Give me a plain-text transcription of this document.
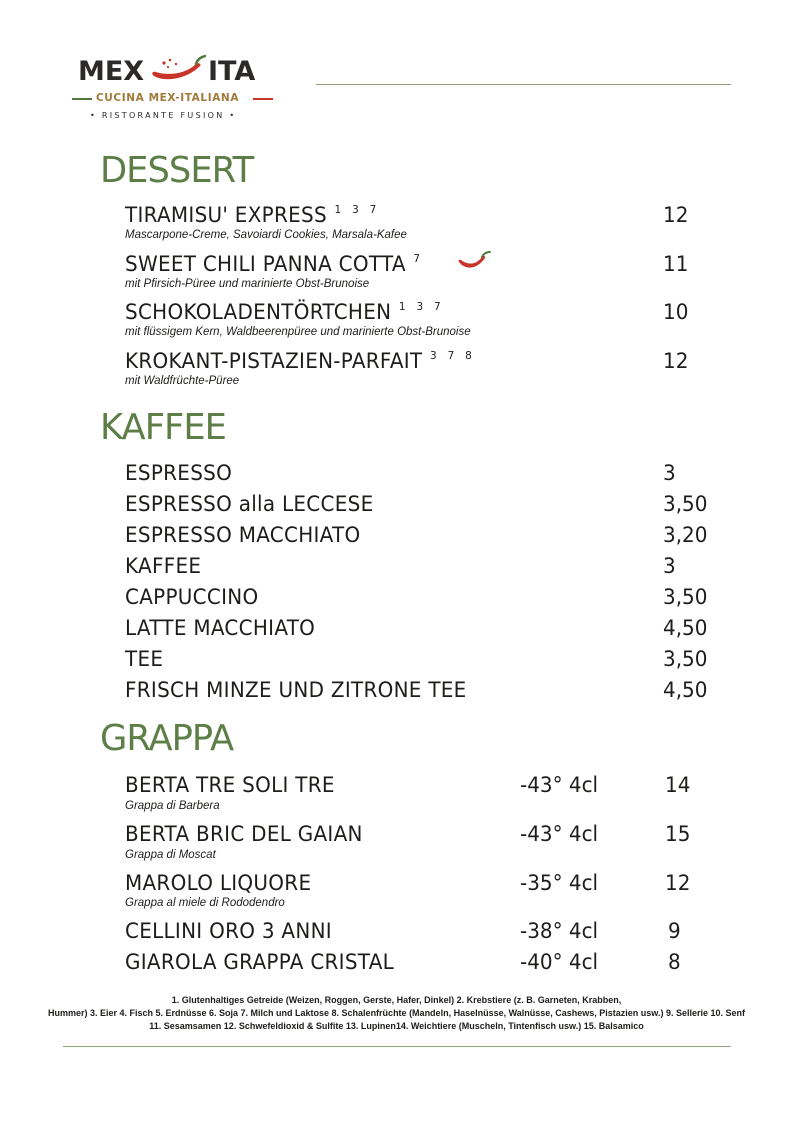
MEX ITA
CUCINA MEX-ITALIANA
• RISTORANTE FUSION •
DESSERT
TIRAMISU' EXPRESS $^{1 3 7}$
Mascarpone-Creme, Savoiardi Cookies, Marsala-Kafee
12
SWEET CHILI PANNA COTTA $^7$
mit Pfirsich-Püree und marinierte Obst-Brunoise
11
SCHOKOLADENTÖRTCHEN $^{1 3 7}$
mit flüssigem Kern, Waldbeerenpüree und marinierte Obst-Brunoise
10
KROKANT-PISTAZIEN-PARFAIT $^{3 7 8}$
mit Waldfrüchte-Püree
12
KAFFEE
ESPRESSO	3
ESPRESSO alla LECCESE	3,50
ESPRESSO MACCHIATO	3,20
KAFFEE	3
CAPPUCCINO	3,50
LATTE MACCHIATO	4,50
TEE	3,50
FRISCH MINZE UND ZITRONE TEE	4,50
GRAPPA
BERTA TRE SOLI TRE
Grappa di Barbera
-43° 4cl	14
BERTA BRIC DEL GAIAN
Grappa di Moscat
-43° 4cl	15
MAROLO LIQUORE
Grappa al miele di Rododendro
-35° 4cl	12
CELLINI ORO 3 ANNI	-38° 4cl	9
GIAROLA GRAPPA CRISTAL	-40° 4cl	8
1. Glutenhaltiges Getreide (Weizen, Roggen, Gerste, Hafer, Dinkel) 2. Krebstiere (z. B. Garneten, Krabben,
Hummer) 3. Eier 4. Fisch 5. Erdnüsse 6. Soja 7. Milch und Laktose 8. Schalenfrüchte (Mandeln, Haselnüsse, Walnüsse, Cashews, Pistazien usw.) 9. Sellerie 10. Senf
11. Sesamsamen 12. Schwefeldioxid & Sulfite 13. Lupinen14. Weichtiere (Muscheln, Tintenfisch usw.) 15. Balsamico
